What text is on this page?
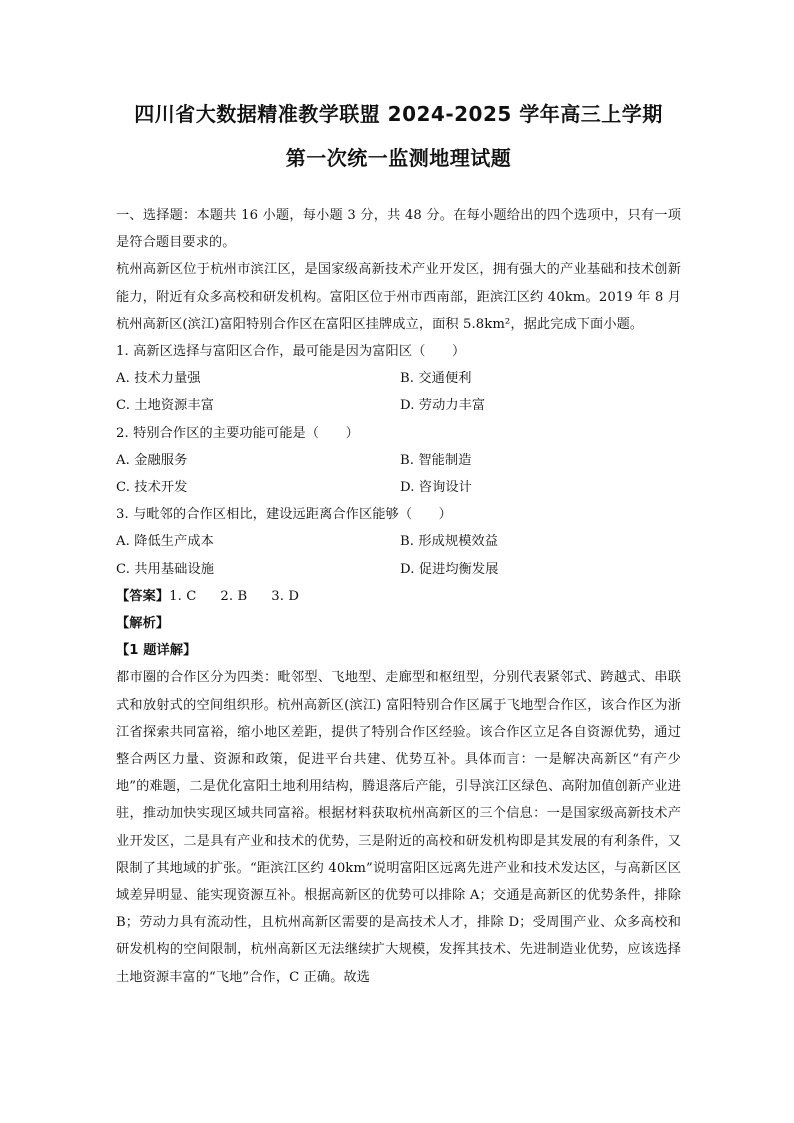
四川省大数据精准教学联盟 2024-2025 学年高三上学期
第一次统一监测地理试题

一、选择题：本题共 16 小题，每小题 3 分，共 48 分。在每小题给出的四个选项中，只有一项是符合题目要求的。

杭州高新区位于杭州市滨江区，是国家级高新技术产业开发区，拥有强大的产业基础和技术创新能力，附近有众多高校和研发机构。富阳区位于州市西南部，距滨江区约 40km。2019 年 8 月杭州高新区(滨江)富阳特别合作区在富阳区挂牌成立，面积 5.8km²，据此完成下面小题。

1. 高新区选择与富阳区合作，最可能是因为富阳区（　　）

A. 技术力量强	B. 交通便利
C. 土地资源丰富	D. 劳动力丰富

2. 特别合作区的主要功能可能是（　　）

A. 金融服务	B. 智能制造
C. 技术开发	D. 咨询设计

3. 与毗邻的合作区相比，建设远距离合作区能够（　　）

A. 降低生产成本	B. 形成规模效益
C. 共用基础设施	D. 促进均衡发展

【答案】1. C 2. B 3. D

【解析】

【1 题详解】

都市圈的合作区分为四类：毗邻型、飞地型、走廊型和枢纽型，分别代表紧邻式、跨越式、串联式和放射式的空间组织形。杭州高新区(滨江) 富阳特别合作区属于飞地型合作区，该合作区为浙江省探索共同富裕，缩小地区差距，提供了特别合作区经验。该合作区立足各自资源优势，通过整合两区力量、资源和政策，促进平台共建、优势互补。具体而言：一是解决高新区“有产少地”的难题，二是优化富阳土地利用结构，腾退落后产能，引导滨江区绿色、高附加值创新产业进驻，推动加快实现区域共同富裕。根据材料获取杭州高新区的三个信息：一是国家级高新技术产业开发区，二是具有产业和技术的优势，三是附近的高校和研发机构即是其发展的有利条件，又限制了其地域的扩张。“距滨江区约 40km”说明富阳区远离先进产业和技术发达区，与高新区区域差异明显、能实现资源互补。根据高新区的优势可以排除 A；交通是高新区的优势条件，排除 B；劳动力具有流动性，且杭州高新区需要的是高技术人才，排除 D；受周围产业、众多高校和研发机构的空间限制，杭州高新区无法继续扩大规模，发挥其技术、先进制造业优势，应该选择土地资源丰富的“飞地”合作，C 正确。故选
